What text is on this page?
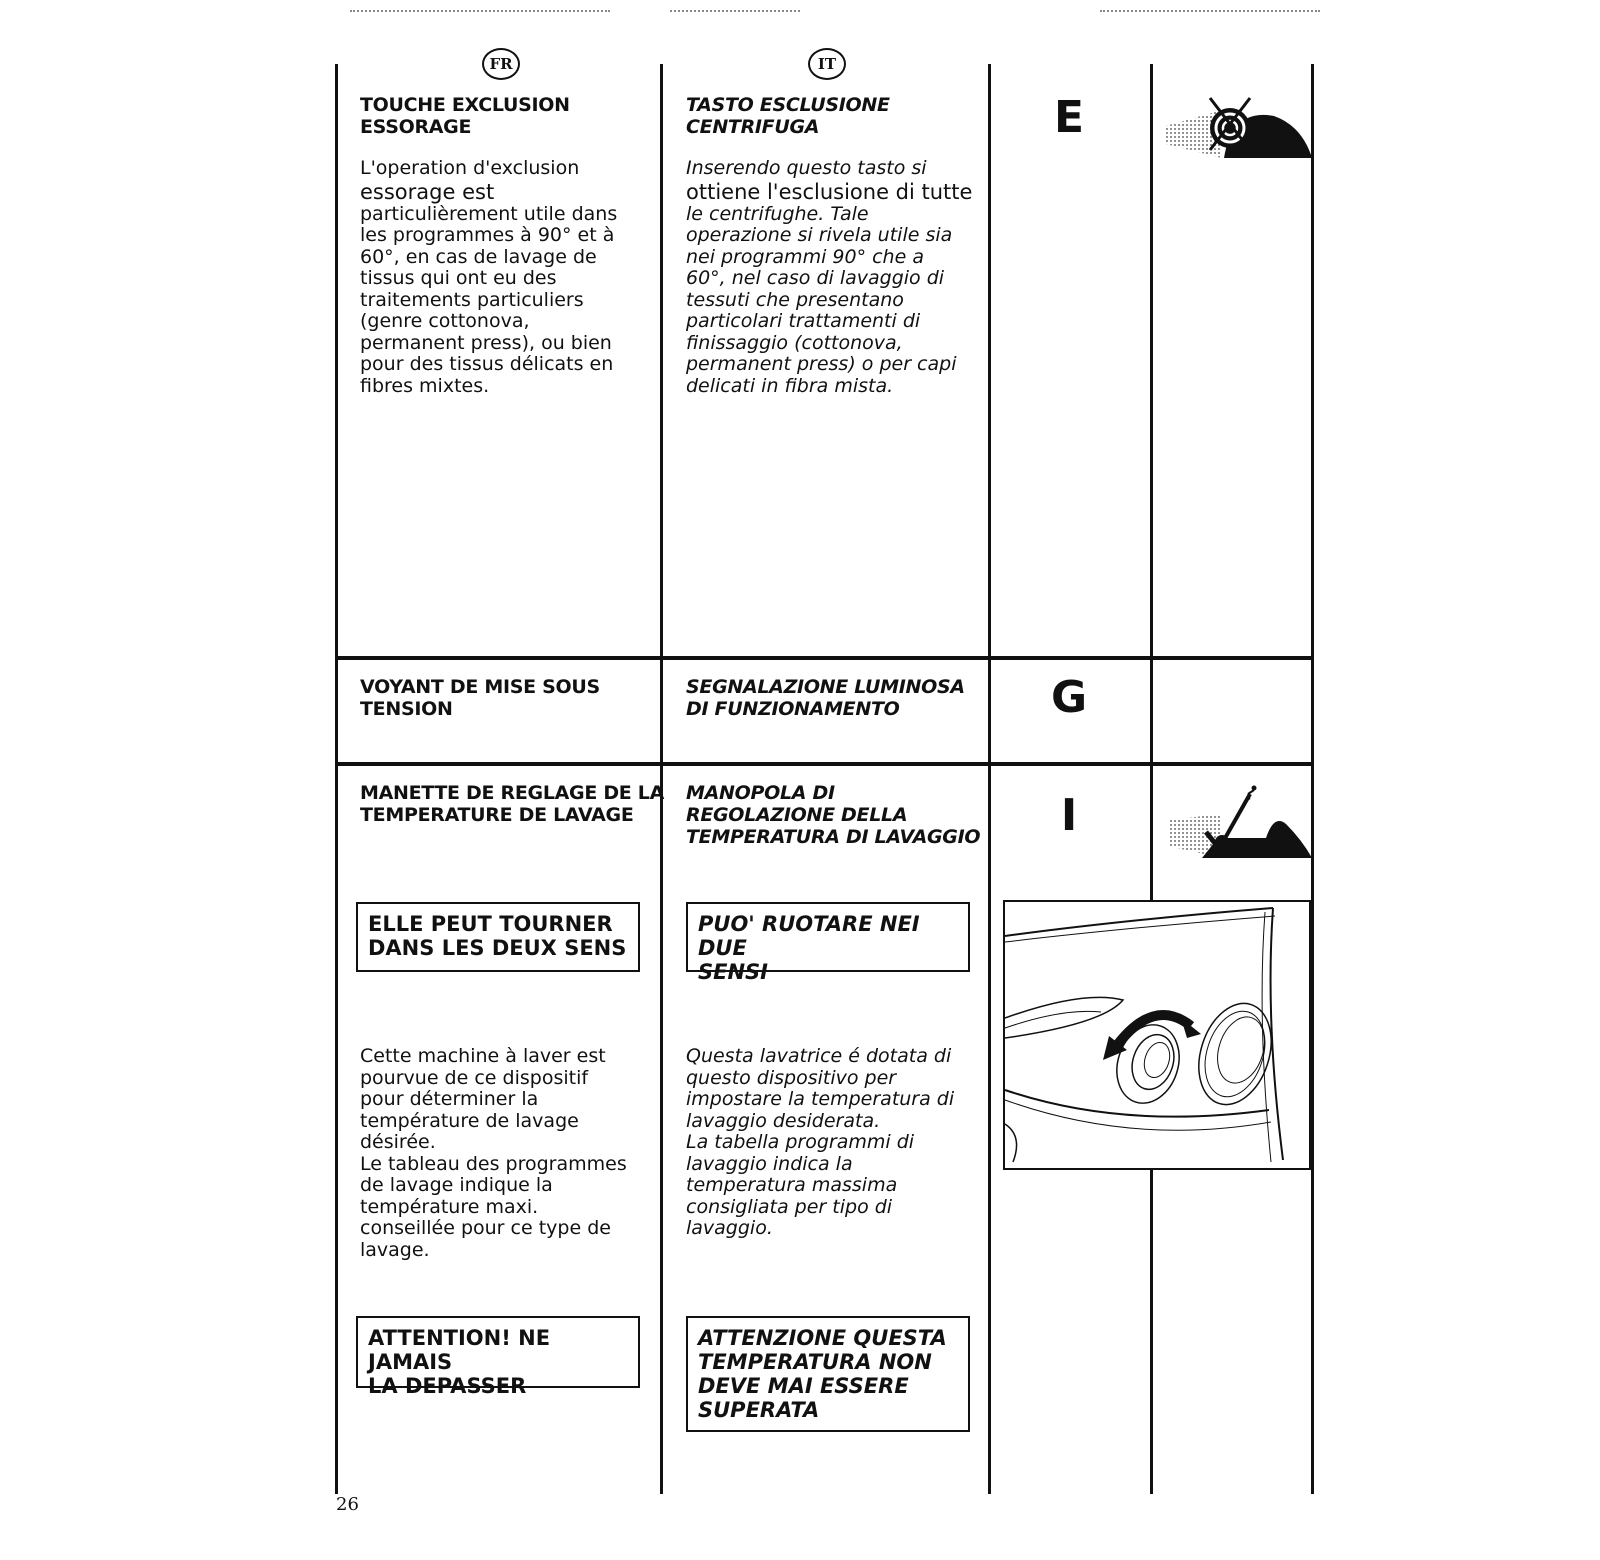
FR	IT
TOUCHE EXCLUSION
ESSORAGE
L'operation d'exclusion
essorage est
particulièrement utile dans
les programmes à 90° et à
60°, en cas de lavage de
tissus qui ont eu des
traitements particuliers
(genre cottonova,
permanent press), ou bien
pour des tissus délicats en
fibres mixtes.
TASTO ESCLUSIONE
CENTRIFUGA
Inserendo questo tasto si
ottiene l'esclusione di tutte
le centrifughe. Tale
operazione si rivela utile sia
nei programmi 90° che a
60°, nel caso di lavaggio di
tessuti che presentano
particolari trattamenti di
finissaggio (cottonova,
permanent press) o per capi
delicati in fibra mista.
E
VOYANT DE MISE SOUS
TENSION
SEGNALAZIONE LUMINOSA
DI FUNZIONAMENTO	G
MANETTE DE REGLAGE DE LA
TEMPERATURE DE LAVAGE
MANOPOLA DI
REGOLAZIONE DELLA
TEMPERATURA DI LAVAGGIO	I
ELLE PEUT TOURNER
DANS LES DEUX SENS
PUO' RUOTARE NEI DUE
SENSI
Cette machine à laver est
pourvue de ce dispositif
pour déterminer la
température de lavage
désirée.
Le tableau des programmes
de lavage indique la
température maxi.
conseillée pour ce type de
lavage.
Questa lavatrice é dotata di
questo dispositivo per
impostare la temperatura di
lavaggio desiderata.
La tabella programmi di
lavaggio indica la
temperatura massima
consigliata per tipo di
lavaggio.
ATTENTION! NE JAMAIS
LA DEPASSER
ATTENZIONE QUESTA
TEMPERATURA NON
DEVE MAI ESSERE
SUPERATA
26
